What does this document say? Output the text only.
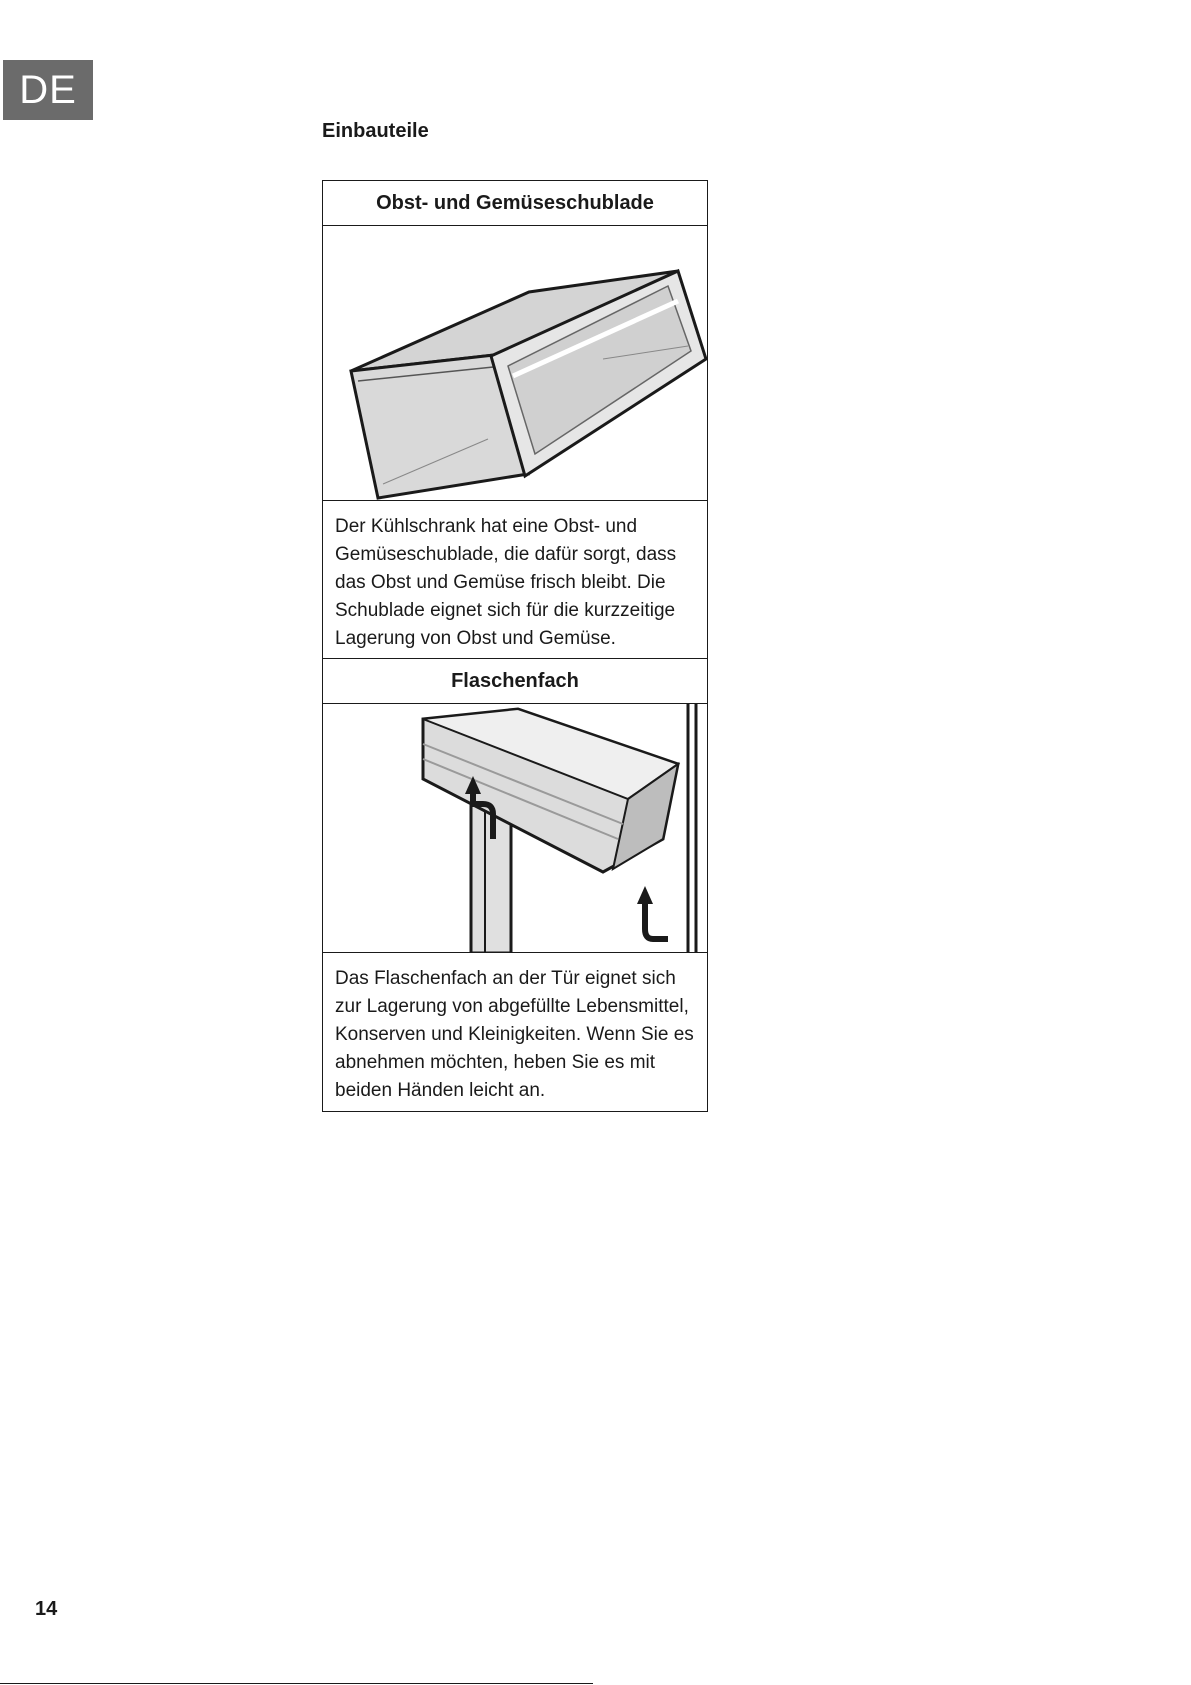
DE
Einbauteile
Obst- und Gemüseschublade
Der Kühlschrank hat eine Obst- und Gemüseschublade, die dafür sorgt, dass das Obst und Gemüse frisch bleibt. Die Schublade eignet sich für die kurzzeitige Lagerung von Obst und Gemüse.
Flaschenfach
Das Flaschenfach an der Tür eignet sich zur Lagerung von abgefüllte Lebensmittel, Konserven und Kleinigkeiten. Wenn Sie es abnehmen möchten, heben Sie es mit beiden Händen leicht an.
14
